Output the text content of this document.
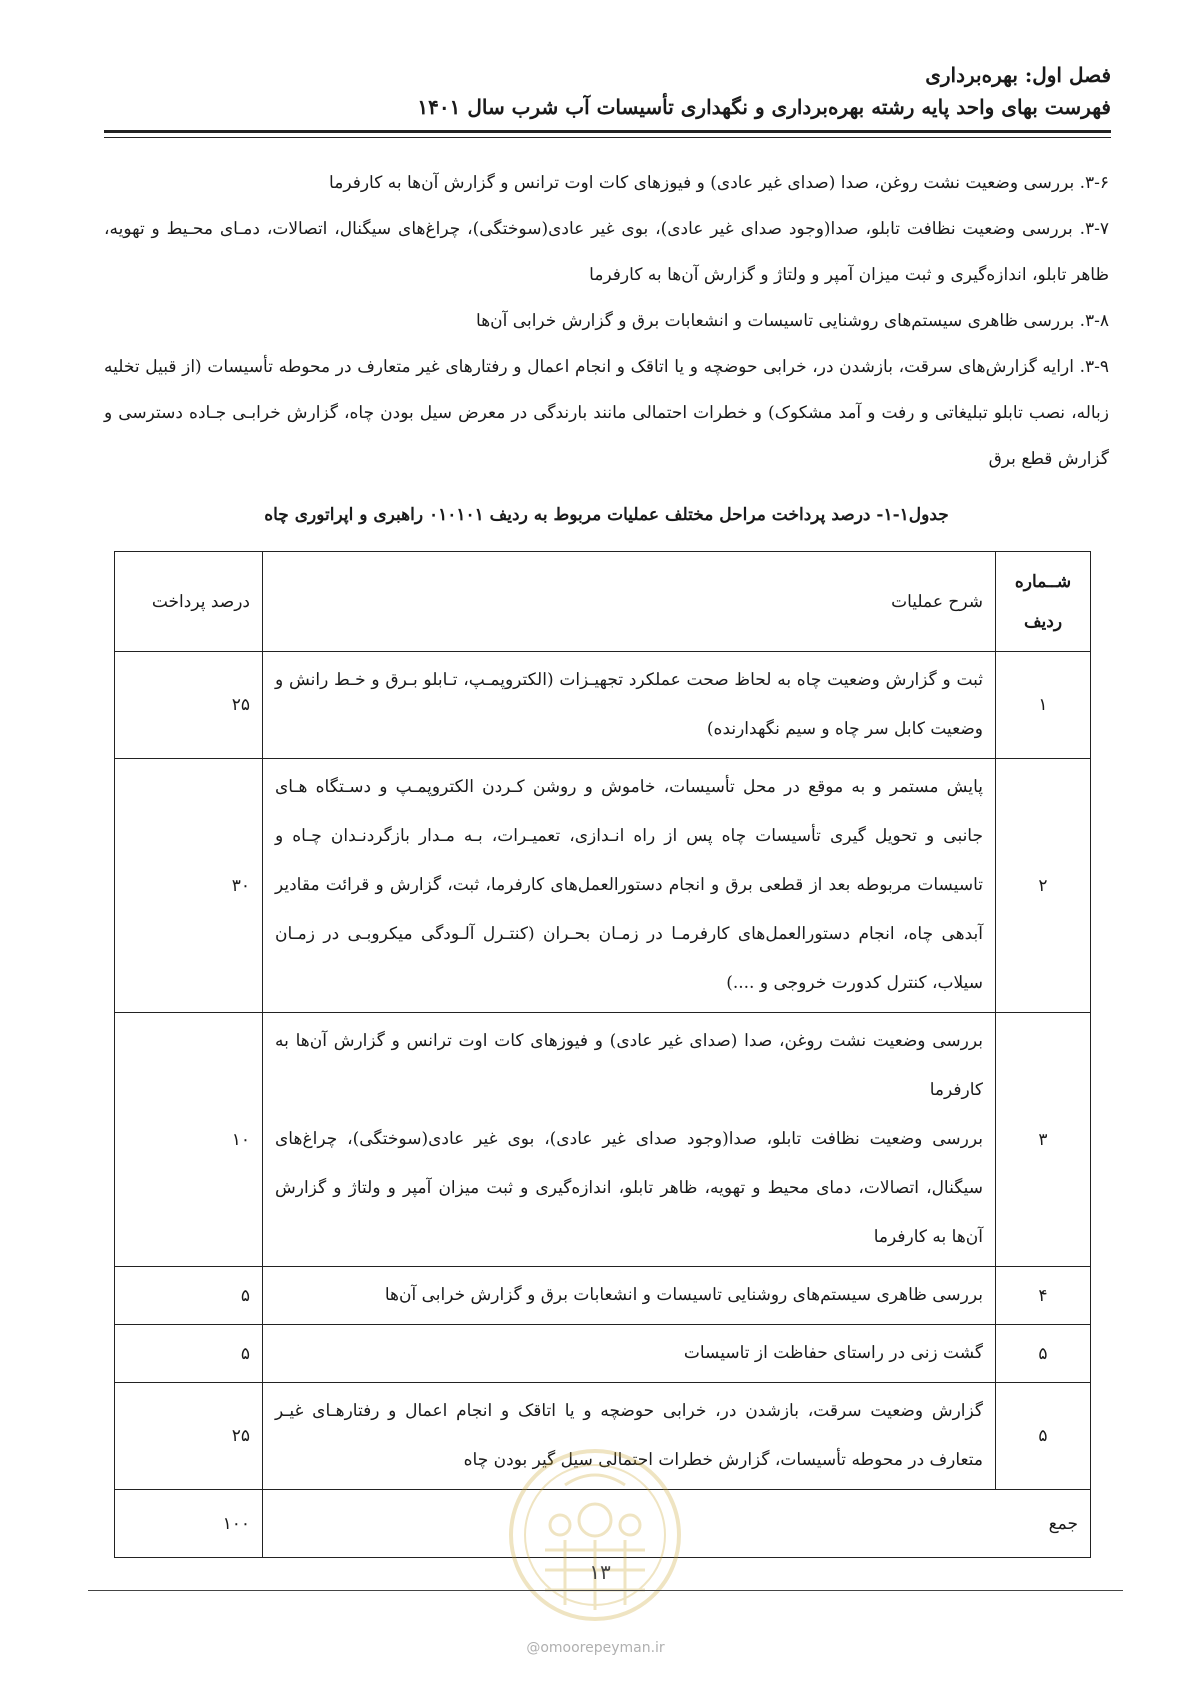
فصل اول: بهره‌برداری
فهرست بهای واحد پایه رشته بهره‌برداری و نگهداری تأسیسات آب شرب سال ۱۴۰۱

۳-۶. بررسی وضعیت نشت روغن، صدا (صدای غیر عادی) و فیوزهای کات اوت ترانس و گزارش آن‌ها به کارفرما

۳-۷. بررسی وضعیت نظافت تابلو، صدا(وجود صدای غیر عادی)، بوی غیر عادی(سوختگی)، چراغ‌های سیگنال، اتصالات، دمـای محـیط و تهویه، ظاهر تابلو، اندازه‌گیری و ثبت میزان آمپر و ولتاژ و گزارش آن‌ها به کارفرما

۳-۸. بررسی ظاهری سیستم‌های روشنایی تاسیسات و انشعابات برق و گزارش خرابی آن‌ها

۳-۹. ارایه گزارش‌های سرقت، بازشدن در، خرابی حوضچه و یا اتاقک و انجام اعمال و رفتارهای غیر متعارف در محوطه تأسیسات (از قبیل تخلیه زباله، نصب تابلو تبلیغاتی و رفت و آمد مشکوک) و خطرات احتمالی مانند بارندگی در معرض سیل بودن چاه، گزارش خرابـی جـاده دسترسی و گزارش قطع برق

جدول۱-۱- درصد پرداخت مراحل مختلف عملیات مربوط به ردیف ۰۱۰۱۰۱ راهبری و اپراتوری چاه
شــماره ردیف	شرح عملیات	درصد پرداخت
۱	ثبت و گزارش وضعیت چاه به لحاظ صحت عملکرد تجهیـزات (الکتروپمـپ، تـابلو بـرق و خـط رانش و وضعیت کابل سر چاه و سیم نگهدارنده)	۲۵
۲	پایش مستمر و به موقع در محل تأسیسات، خاموش و روشن کـردن الکتروپمـپ و دسـتگاه هـای جانبی و تحویل گیری تأسیسات چاه پس از راه انـدازی، تعمیـرات، بـه مـدار بازگردنـدان چـاه و تاسیسات مربوطه بعد از قطعی برق و انجام دستورالعمل‌های کارفرما، ثبت، گزارش و قرائت مقادیر آبدهی چاه، انجام دستورالعمل‌های کارفرمـا در زمـان بحـران (کنتـرل آلـودگی میکروبـی در زمـان سیلاب، کنترل کدورت خروجی و ....)	۳۰
۳	بررسی وضعیت نشت روغن، صدا (صدای غیر عادی) و فیوزهای کات اوت ترانس و گزارش آن‌ها به کارفرما

بررسی وضعیت نظافت تابلو، صدا(وجود صدای غیر عادی)، بوی غیر عادی(سوختگی)، چراغ‌های سیگنال، اتصالات، دمای محیط و تهویه، ظاهر تابلو، اندازه‌گیری و ثبت میزان آمپر و ولتاژ و گزارش آن‌ها به کارفرما	۱۰
۴	بررسی ظاهری سیستم‌های روشنایی تاسیسات و انشعابات برق و گزارش خرابی آن‌ها	۵
۵	گشت زنی در راستای حفاظت از تاسیسات	۵
۵	گزارش وضعیت سرقت، بازشدن در، خرابی حوضچه و یا اتاقک و انجام اعمال و رفتارهـای غیـر متعارف در محوطه تأسیسات، گزارش خطرات احتمالی سیل گیر بودن چاه	۲۵
جمع		۱۰۰
۱۳
@omoorepeyman.ir
